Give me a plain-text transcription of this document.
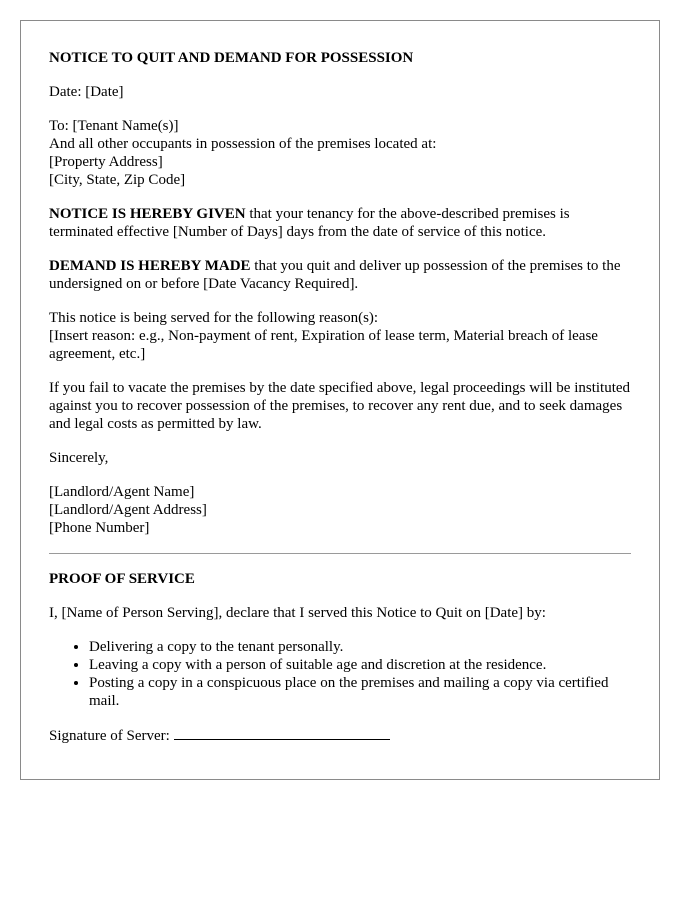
NOTICE TO QUIT AND DEMAND FOR POSSESSION

Date: [Date]

To: [Tenant Name(s)]
And all other occupants in possession of the premises located at:
[Property Address]
[City, State, Zip Code]

NOTICE IS HEREBY GIVEN that your tenancy for the above-described premises is terminated effective [Number of Days] days from the date of service of this notice.

DEMAND IS HEREBY MADE that you quit and deliver up possession of the premises to the undersigned on or before [Date Vacancy Required].

This notice is being served for the following reason(s):
[Insert reason: e.g., Non-payment of rent, Expiration of lease term, Material breach of lease agreement, etc.]

If you fail to vacate the premises by the date specified above, legal proceedings will be instituted against you to recover possession of the premises, to recover any rent due, and to seek damages and legal costs as permitted by law.

Sincerely,

[Landlord/Agent Name]
[Landlord/Agent Address]
[Phone Number]

PROOF OF SERVICE

I, [Name of Person Serving], declare that I served this Notice to Quit on [Date] by:

• Delivering a copy to the tenant personally.
• Leaving a copy with a person of suitable age and discretion at the residence.
• Posting a copy in a conspicuous place on the premises and mailing a copy via certified mail.

Signature of Server:
